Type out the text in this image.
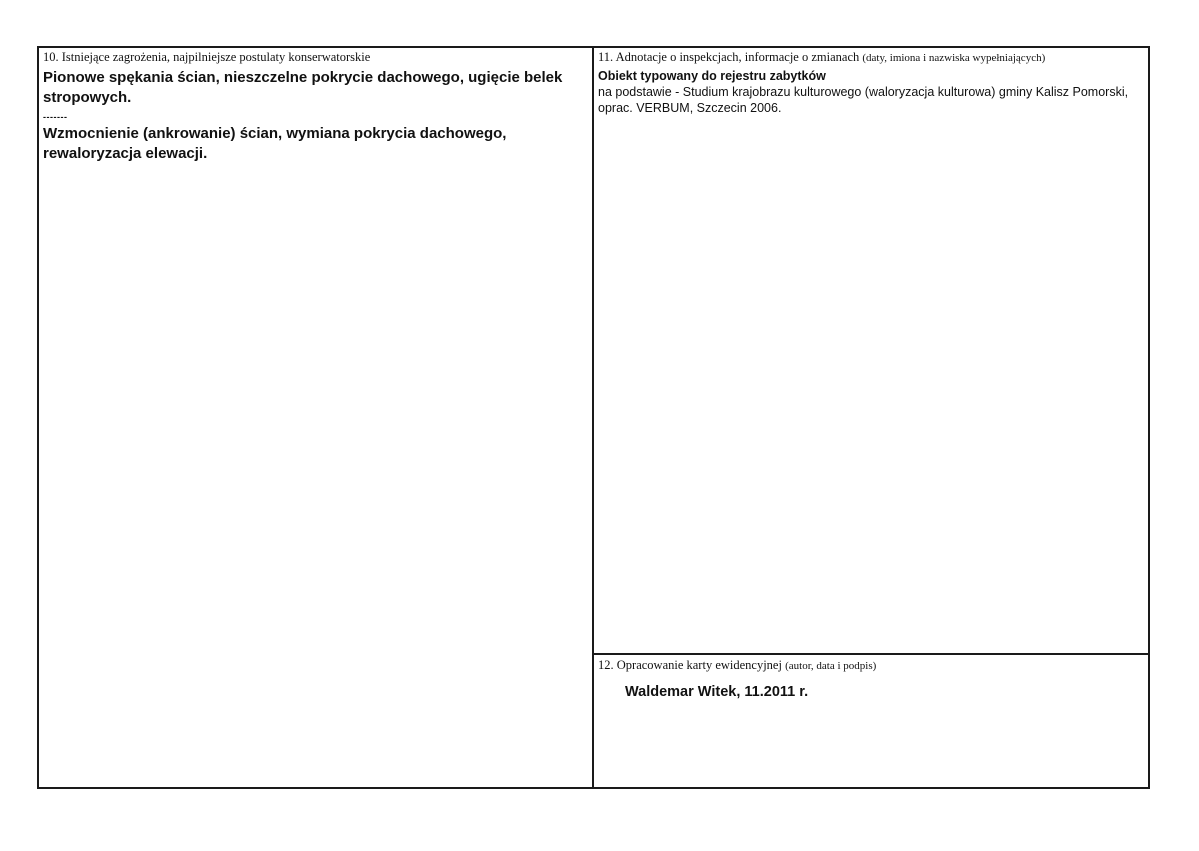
10. Istniejące zagrożenia, najpilniejsze postulaty konserwatorskie
Pionowe spękania ścian, nieszczelne pokrycie dachowego, ugięcie belek stropowych.
-------
Wzmocnienie (ankrowanie) ścian, wymiana pokrycia dachowego, rewaloryzacja elewacji.
11. Adnotacje o inspekcjach, informacje o zmianach (daty, imiona i nazwiska wypełniających)
Obiekt typowany do rejestru zabytków
na podstawie - Studium krajobrazu kulturowego (waloryzacja kulturowa) gminy Kalisz Pomorski, oprac. VERBUM, Szczecin 2006.
12. Opracowanie karty ewidencyjnej (autor, data i podpis)
Waldemar Witek, 11.2011 r.
